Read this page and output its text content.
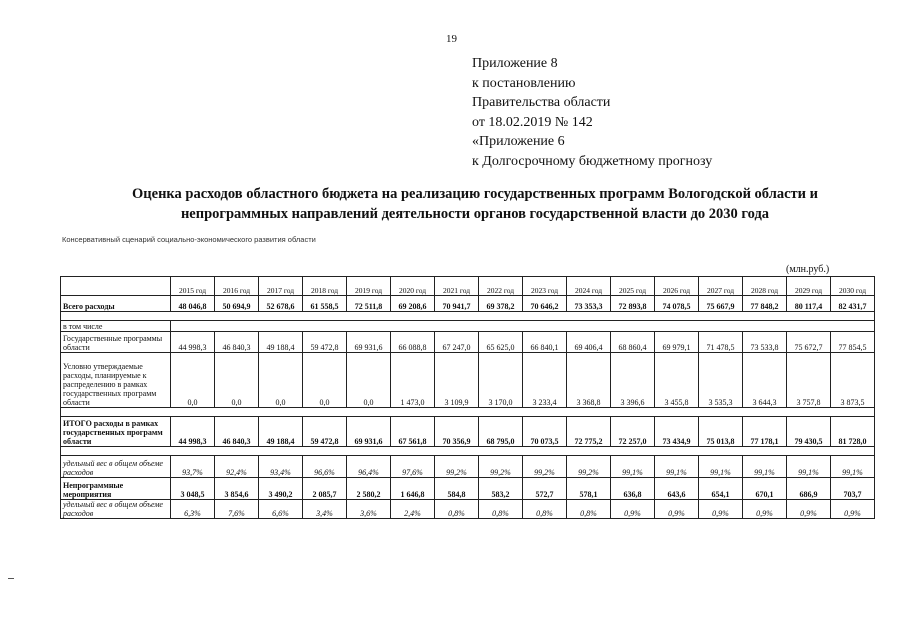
19
Приложение 8
к постановлению
Правительства области
от 18.02.2019 № 142
«Приложение 6
к Долгосрочному бюджетному прогнозу
Оценка расходов областного бюджета на реализацию государственных программ Вологодской области и
непрограммных направлений деятельности органов государственной власти до 2030 года
Консервативный сценарий социально-экономического развития области
(млн.руб.)
	2015 год	2016 год	2017 год	2018 год	2019 год	2020 год	2021 год	2022 год	2023 год	2024 год	2025 год	2026 год	2027 год	2028 год	2029 год	2030 год
Всего расходы	48 046,8	50 694,9	52 678,6	61 558,5	72 511,8	69 208,6	70 941,7	69 378,2	70 646,2	73 353,3	72 893,8	74 078,5	75 667,9	77 848,2	80 117,4	82 431,7

в том числе																
Государственные программы области	44 998,3	46 840,3	49 188,4	59 472,8	69 931,6	66 088,8	67 247,0	65 625,0	66 840,1	69 406,4	68 860,4	69 979,1	71 478,5	73 533,8	75 672,7	77 854,5
Условно утверждаемые расходы, планируемые к распределению в рамках государственных программ области	0,0	0,0	0,0	0,0	0,0	1 473,0	3 109,9	3 170,0	3 233,4	3 368,8	3 396,6	3 455,8	3 535,3	3 644,3	3 757,8	3 873,5

ИТОГО расходы в рамках государственных программ области	44 998,3	46 840,3	49 188,4	59 472,8	69 931,6	67 561,8	70 356,9	68 795,0	70 073,5	72 775,2	72 257,0	73 434,9	75 013,8	77 178,1	79 430,5	81 728,0

удельный вес в общем объеме расходов	93,7%	92,4%	93,4%	96,6%	96,4%	97,6%	99,2%	99,2%	99,2%	99,2%	99,1%	99,1%	99,1%	99,1%	99,1%	99,1%
Непрограммные мероприятия	3 048,5	3 854,6	3 490,2	2 085,7	2 580,2	1 646,8	584,8	583,2	572,7	578,1	636,8	643,6	654,1	670,1	686,9	703,7
удельный вес в общем объеме расходов	6,3%	7,6%	6,6%	3,4%	3,6%	2,4%	0,8%	0,8%	0,8%	0,8%	0,9%	0,9%	0,9%	0,9%	0,9%	0,9%
